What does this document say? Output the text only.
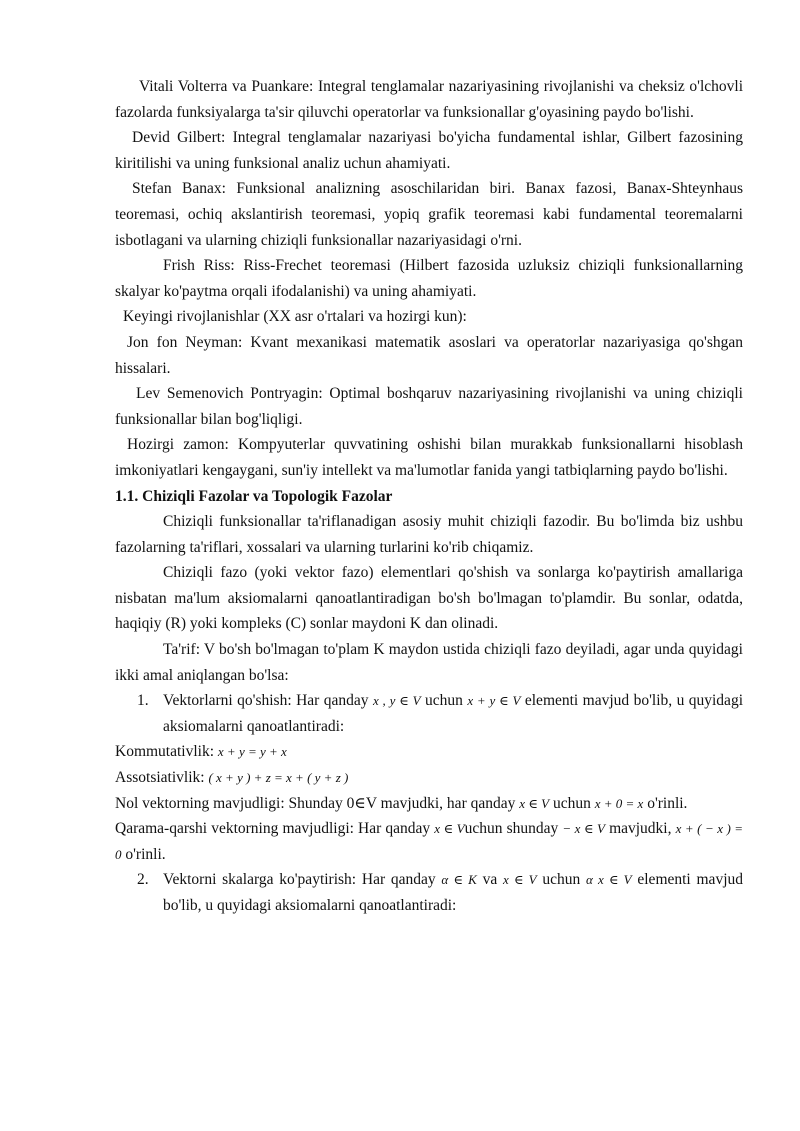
Vitali Volterra va Puankare: Integral tenglamalar nazariyasining rivojlanishi va cheksiz o'lchovli fazolarda funksiyalarga ta'sir qiluvchi operatorlar va funksionallar g'oyasining paydo bo'lishi.

Devid Gilbert: Integral tenglamalar nazariyasi bo'yicha fundamental ishlar, Gilbert fazosining kiritilishi va uning funksional analiz uchun ahamiyati.

Stefan Banax: Funksional analizning asoschilaridan biri. Banax fazosi, Banax-Shteynhaus teoremasi, ochiq akslantirish teoremasi, yopiq grafik teoremasi kabi fundamental teoremalarni isbotlagani va ularning chiziqli funksionallar nazariyasidagi o'rni.

Frish Riss: Riss-Frechet teoremasi (Hilbert fazosida uzluksiz chiziqli funksionallarning skalyar ko'paytma orqali ifodalanishi) va uning ahamiyati.

Keyingi rivojlanishlar (XX asr o'rtalari va hozirgi kun):

Jon fon Neyman: Kvant mexanikasi matematik asoslari va operatorlar nazariyasiga qo'shgan hissalari.

Lev Semenovich Pontryagin: Optimal boshqaruv nazariyasining rivojlanishi va uning chiziqli funksionallar bilan bog'liqligi.

Hozirgi zamon: Kompyuterlar quvvatining oshishi bilan murakkab funksionallarni hisoblash imkoniyatlari kengaygani, sun'iy intellekt va ma'lumotlar fanida yangi tatbiqlarning paydo bo'lishi.

1.1. Chiziqli Fazolar va Topologik Fazolar

Chiziqli funksionallar ta'riflanadigan asosiy muhit chiziqli fazodir. Bu bo'limda biz ushbu fazolarning ta'riflari, xossalari va ularning turlarini ko'rib chiqamiz.

Chiziqli fazo (yoki vektor fazo) elementlari qo'shish va sonlarga ko'paytirish amallariga nisbatan ma'lum aksiomalarni qanoatlantiradigan bo'sh bo'lmagan to'plamdir. Bu sonlar, odatda, haqiqiy (R) yoki kompleks (C) sonlar maydoni K dan olinadi.

Ta'rif: V bo'sh bo'lmagan to'plam K maydon ustida chiziqli fazo deyiladi, agar unda quyidagi ikki amal aniqlangan bo'lsa:

1. Vektorlarni qo'shish: Har qanday x , y ∈ V uchun x + y ∈ V elementi mavjud bo'lib, u quyidagi aksiomalarni qanoatlantiradi:

Kommutativlik: x + y = y + x

Assotsiativlik: ( x + y ) + z = x + ( y + z )

Nol vektorning mavjudligi: Shunday 0∈V mavjudki, har qanday x ∈ V uchun x + 0 = x o'rinli.

Qarama-qarshi vektorning mavjudligi: Har qanday x ∈ Vuchun shunday − x ∈ V mavjudki, x + ( − x ) = 0 o'rinli.

2. Vektorni skalarga ko'paytirish: Har qanday α ∈ K va x ∈ V uchun α x ∈ V elementi mavjud bo'lib, u quyidagi aksiomalarni qanoatlantiradi:
